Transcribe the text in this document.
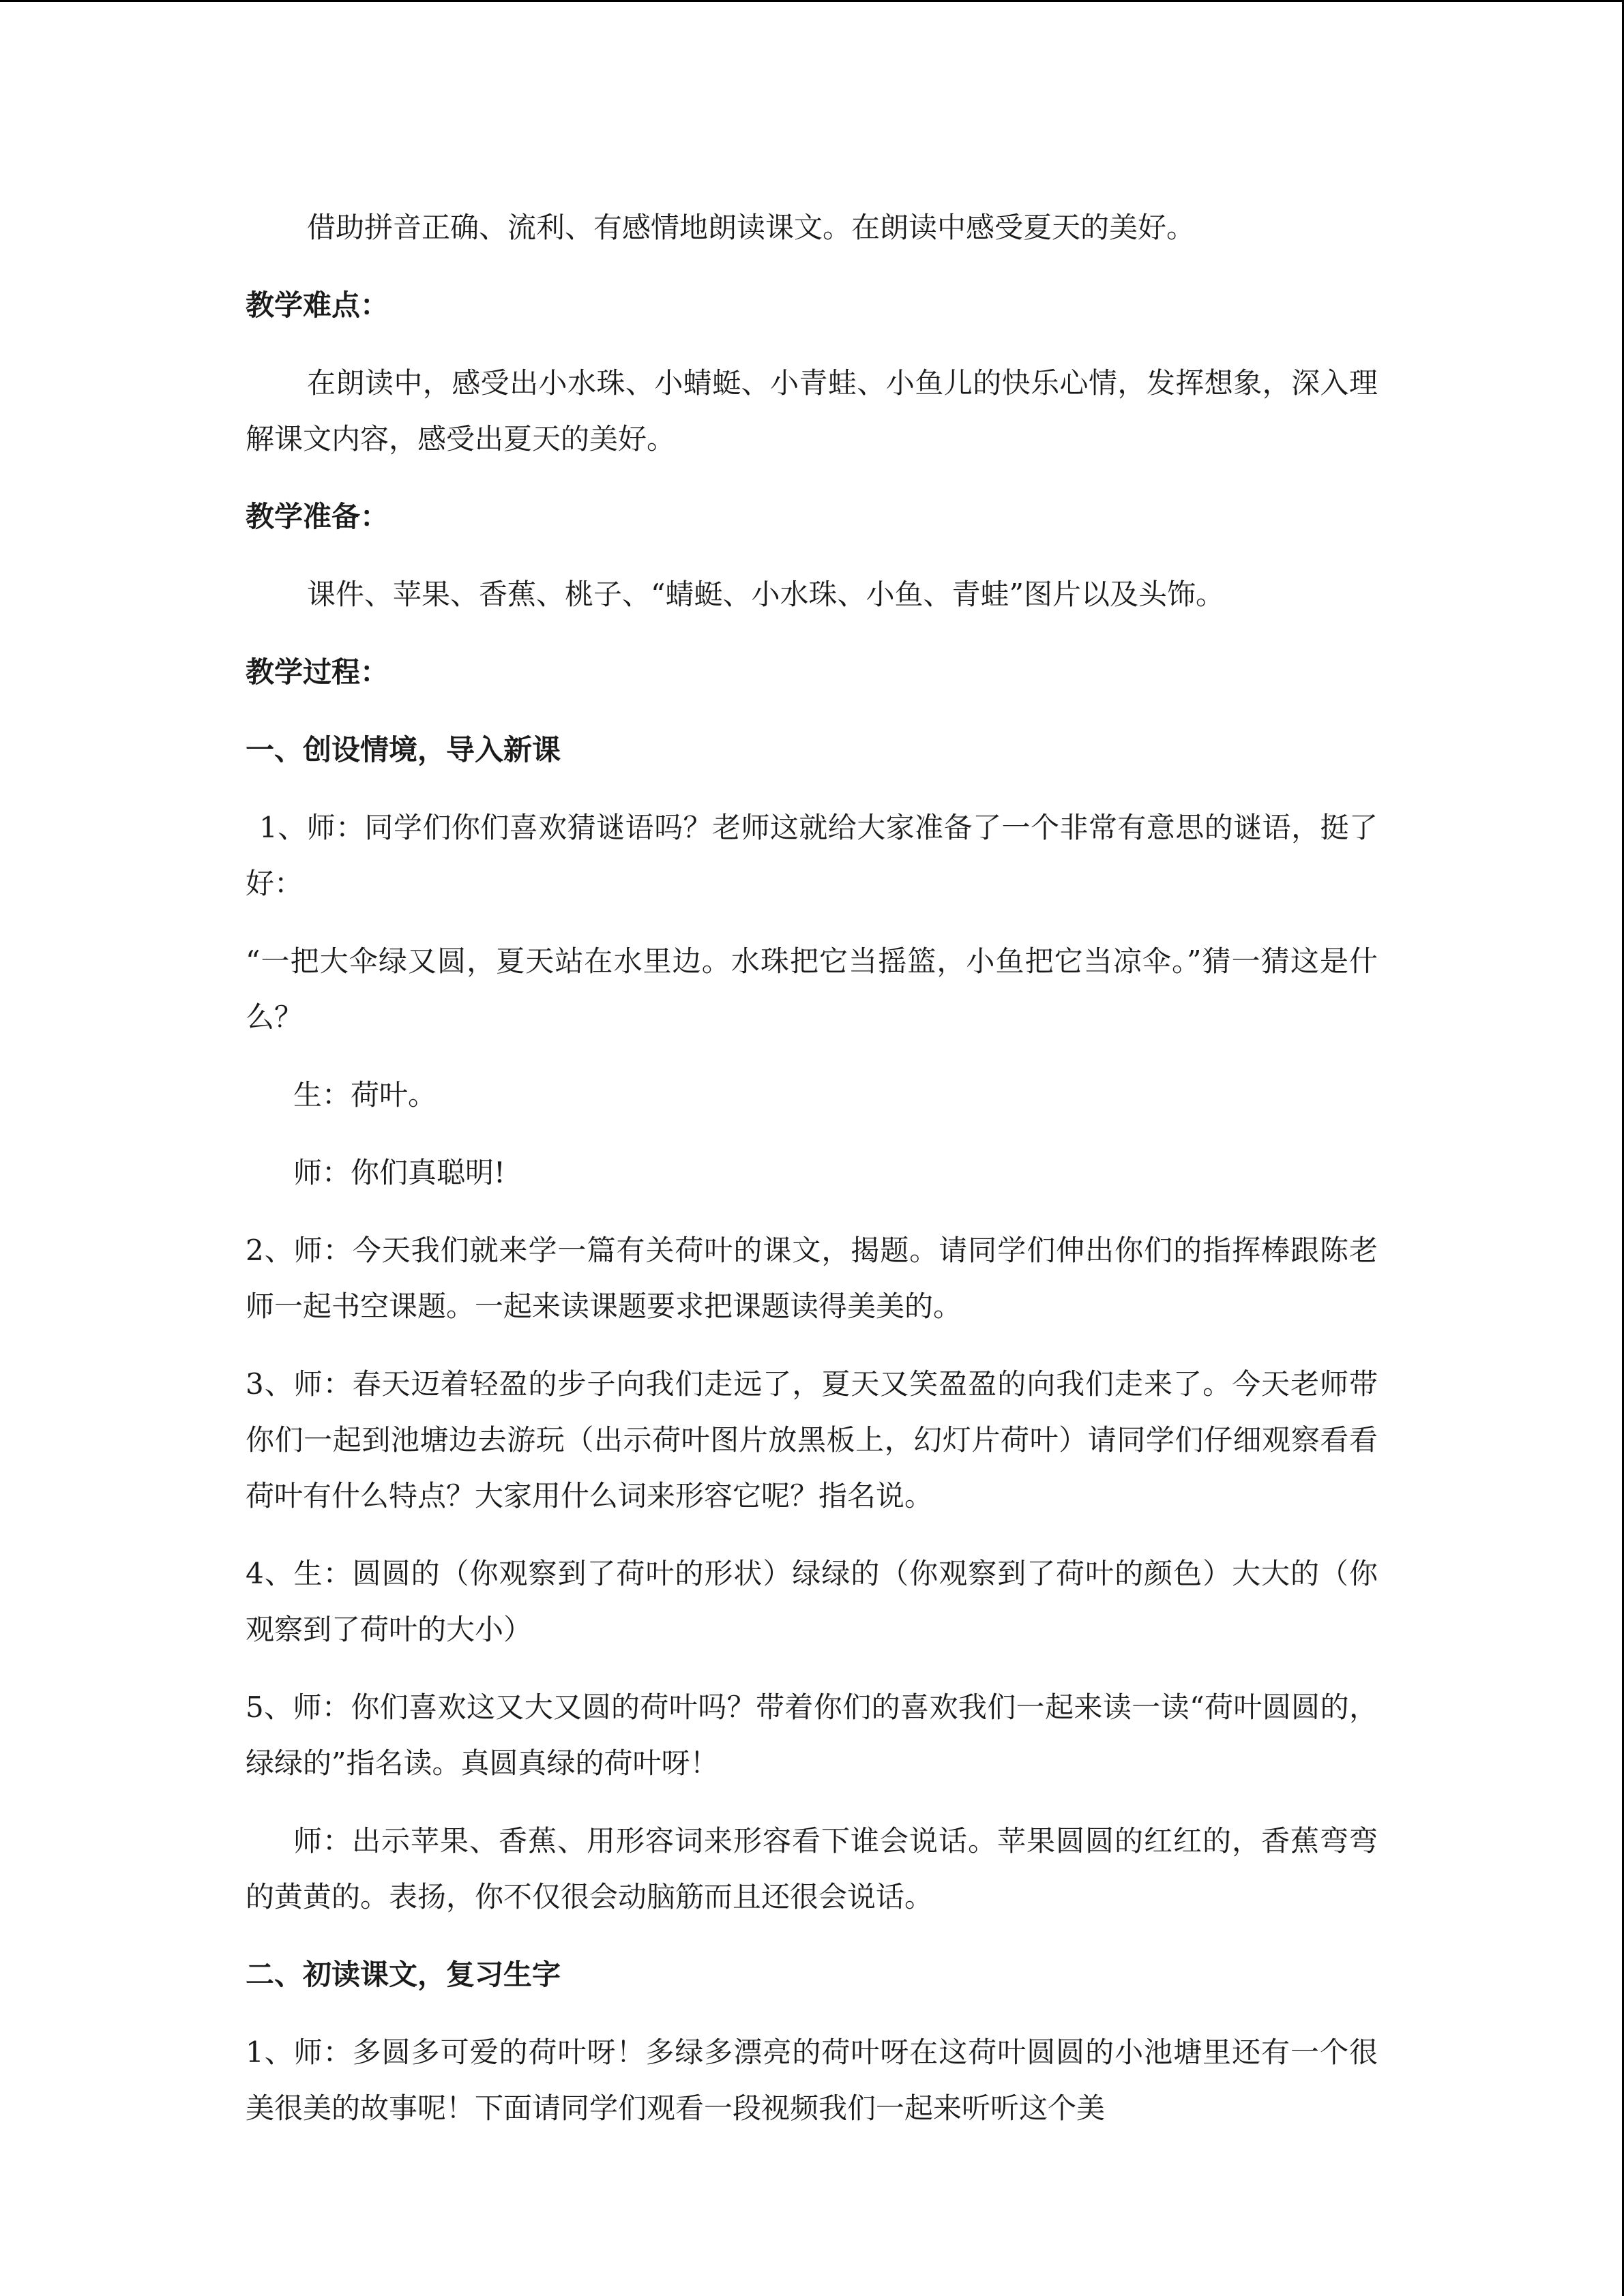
借助拼音正确、流利、有感情地朗读课文。在朗读中感受夏天的美好。

教学难点：

在朗读中，感受出小水珠、小蜻蜓、小青蛙、小鱼儿的快乐心情，发挥想象，深入理解课文内容，感受出夏天的美好。

教学准备：

课件、苹果、香蕉、桃子、“蜻蜓、小水珠、小鱼、青蛙”图片以及头饰。

教学过程：
一、创设情境，导入新课

1、师：同学们你们喜欢猜谜语吗？老师这就给大家准备了一个非常有意思的谜语，挺了好：

“一把大伞绿又圆，夏天站在水里边。水珠把它当摇篮，小鱼把它当凉伞。”猜一猜这是什么？

生：荷叶。

师：你们真聪明!

2、师：今天我们就来学一篇有关荷叶的课文，揭题。请同学们伸出你们的指挥棒跟陈老师一起书空课题。一起来读课题要求把课题读得美美的。

3、师：春天迈着轻盈的步子向我们走远了，夏天又笑盈盈的向我们走来了。今天老师带你们一起到池塘边去游玩（出示荷叶图片放黑板上，幻灯片荷叶）请同学们仔细观察看看荷叶有什么特点？大家用什么词来形容它呢？指名说。

4、生：圆圆的（你观察到了荷叶的形状）绿绿的（你观察到了荷叶的颜色）大大的（你观察到了荷叶的大小）

5、师：你们喜欢这又大又圆的荷叶吗？带着你们的喜欢我们一起来读一读“荷叶圆圆的，绿绿的”指名读。真圆真绿的荷叶呀！

师：出示苹果、香蕉、用形容词来形容看下谁会说话。苹果圆圆的红红的，香蕉弯弯的黄黄的。表扬，你不仅很会动脑筋而且还很会说话。

二、初读课文，复习生字

1、师：多圆多可爱的荷叶呀！多绿多漂亮的荷叶呀在这荷叶圆圆的小池塘里还有一个很美很美的故事呢！下面请同学们观看一段视频我们一起来听听这个美
